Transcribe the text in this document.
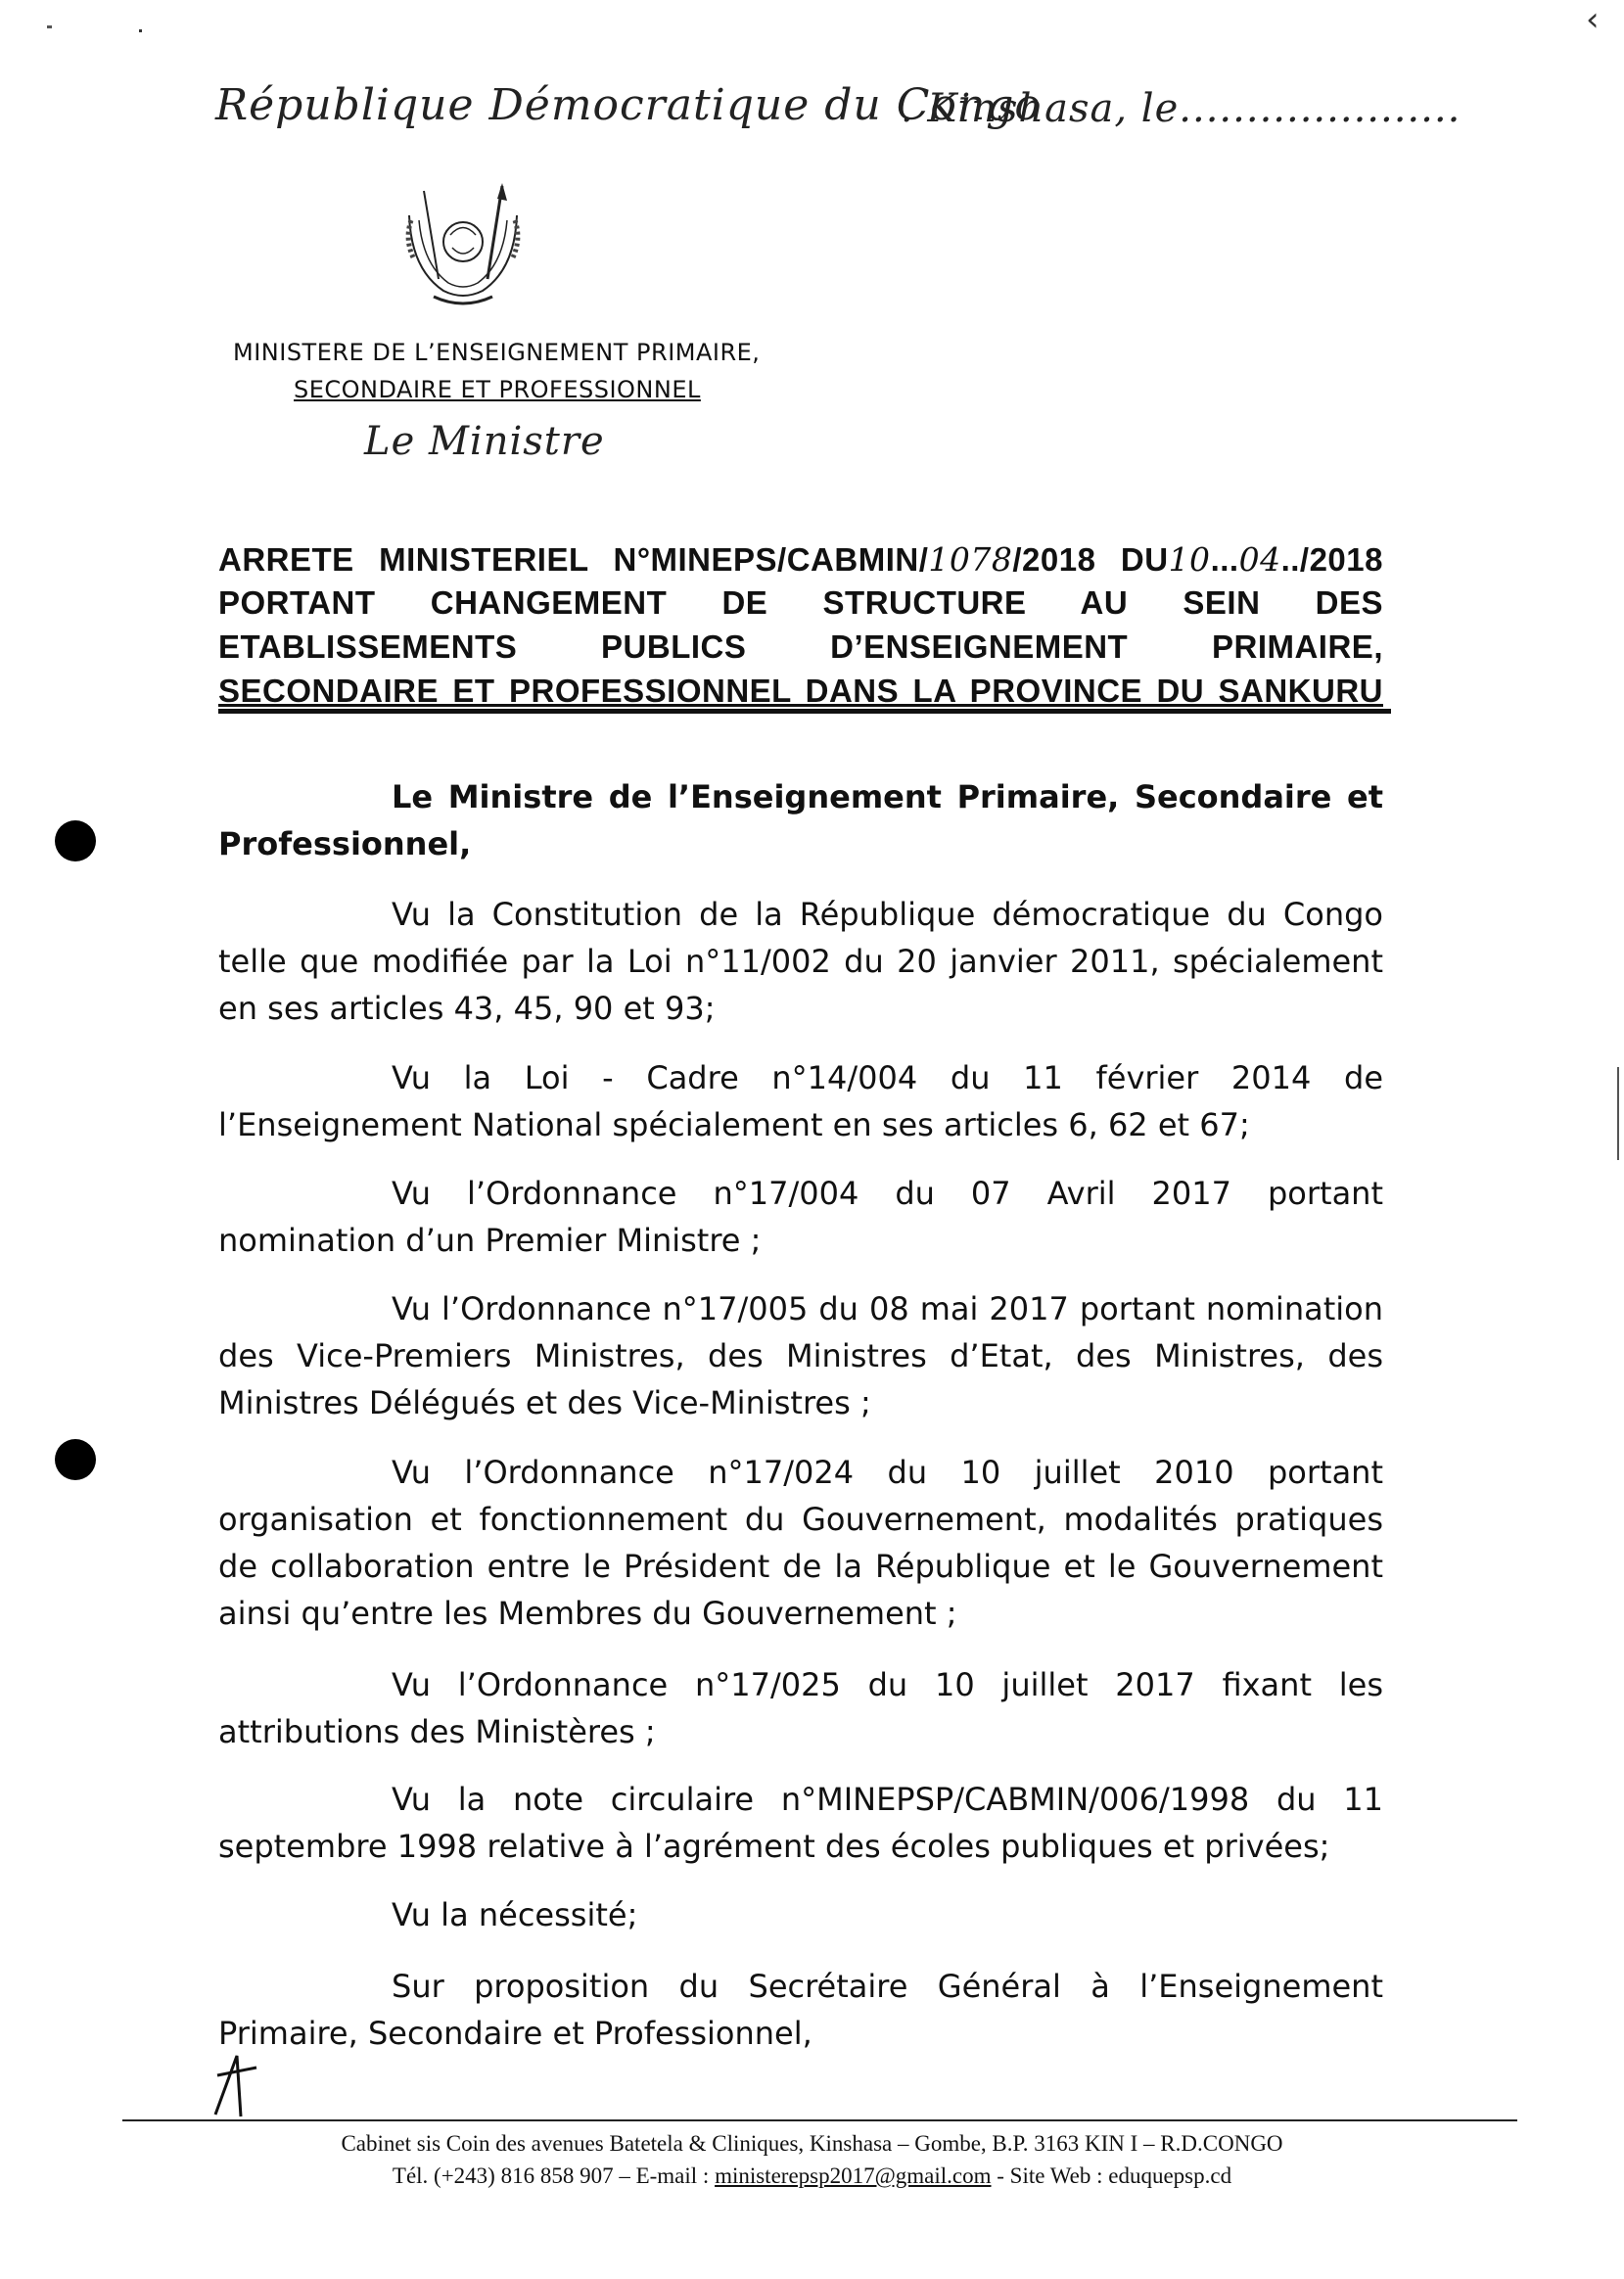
‹
République Démocratique du Congo
. Kinshasa, le.....................
MINISTERE DE L’ENSEIGNEMENT PRIMAIRE,
SECONDAIRE ET PROFESSIONNEL
Le Ministre
ARRETE MINISTERIEL N°MINEPS/CABMIN/1078/2018 DU10...04../2018
PORTANT CHANGEMENT DE STRUCTURE AU SEIN DES
ETABLISSEMENTS PUBLICS D’ENSEIGNEMENT PRIMAIRE,
SECONDAIRE ET PROFESSIONNEL DANS LA PROVINCE DU SANKURU
Le Ministre de l’Enseignement Primaire, Secondaire et Professionnel,
Vu la Constitution de la République démocratique du Congo telle que modifiée par la Loi n°11/002 du 20 janvier 2011, spécialement en ses articles 43, 45, 90 et 93;
Vu la Loi - Cadre n°14/004 du 11 février 2014 de l’Enseignement National spécialement en ses articles 6, 62 et 67;
Vu l’Ordonnance n°17/004 du 07 Avril 2017 portant nomination d’un Premier Ministre ;
Vu l’Ordonnance n°17/005 du 08 mai 2017 portant nomination des Vice-Premiers Ministres, des Ministres d’Etat, des Ministres, des Ministres Délégués et des Vice-Ministres ;
Vu l’Ordonnance n°17/024 du 10 juillet 2010 portant organisation et fonctionnement du Gouvernement, modalités pratiques de collaboration entre le Président de la République et le Gouvernement ainsi qu’entre les Membres du Gouvernement ;
Vu l’Ordonnance n°17/025 du 10 juillet 2017 fixant les attributions des Ministères ;
Vu la note circulaire n°MINEPSP/CABMIN/006/1998 du 11 septembre 1998 relative à l’agrément des écoles publiques et privées;
Vu la nécessité;
Sur proposition du Secrétaire Général à l’Enseignement Primaire, Secondaire et Professionnel,
Cabinet sis Coin des avenues Batetela & Cliniques, Kinshasa – Gombe, B.P. 3163 KIN I – R.D.CONGO
Tél. (+243) 816 858 907 – E-mail : ministerepsp2017@gmail.com - Site Web : eduquepsp.cd
